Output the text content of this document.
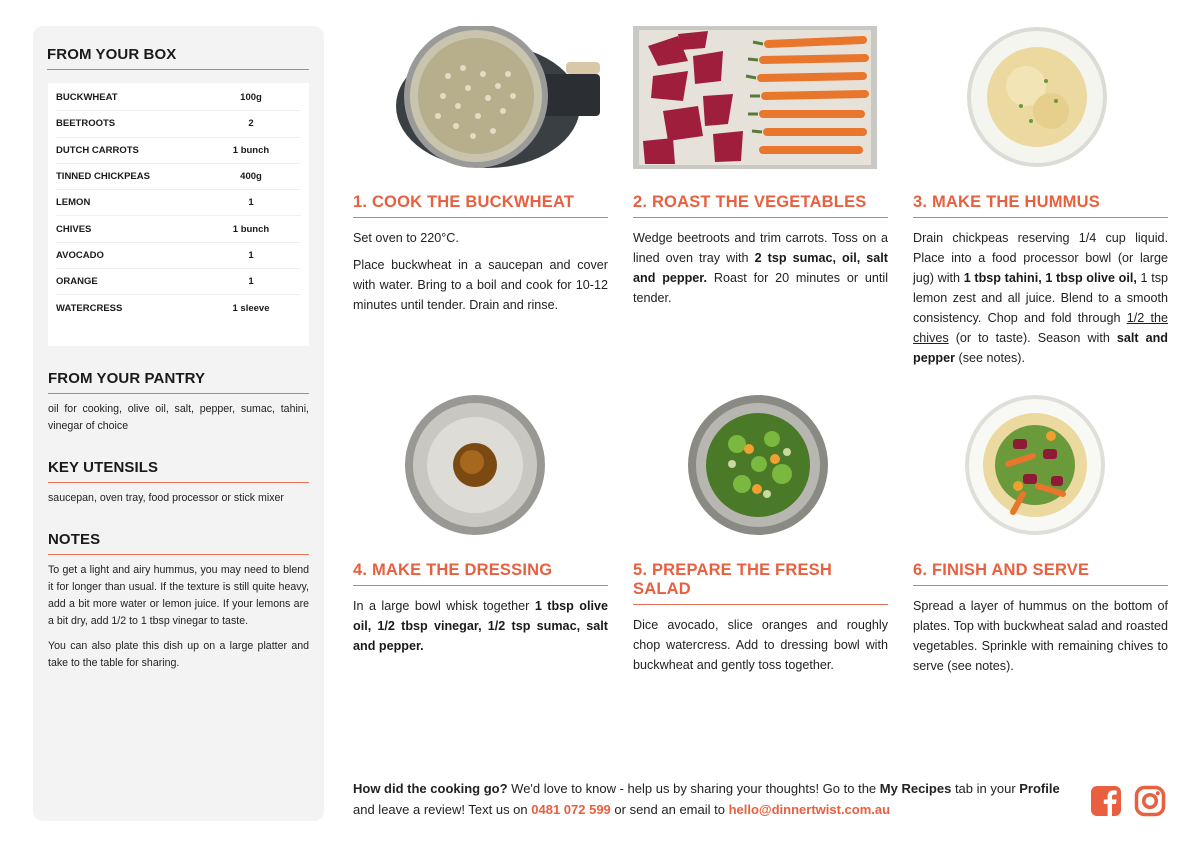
FROM YOUR BOX
BUCKWHEAT	100g
BEETROOTS	2
DUTCH CARROTS	1 bunch
TINNED CHICKPEAS	400g
LEMON	1
CHIVES	1 bunch
AVOCADO	1
ORANGE	1
WATERCRESS	1 sleeve
FROM YOUR PANTRY
oil for cooking, olive oil, salt, pepper, sumac, tahini, vinegar of choice
KEY UTENSILS
saucepan, oven tray, food processor or stick mixer
NOTES

To get a light and airy hummus, you may need to blend it for longer than usual. If the texture is still quite heavy, add a bit more water or lemon juice. If your lemons are a bit dry, add 1/2 to 1 tbsp vinegar to taste.

You can also plate this dish up on a large platter and take to the table for sharing.

1. COOK THE BUCKWHEAT

Set oven to 220°C.

Place buckwheat in a saucepan and cover with water. Bring to a boil and cook for 10-12 minutes until tender. Drain and rinse.

2. ROAST THE VEGETABLES

Wedge beetroots and trim carrots. Toss on a lined oven tray with 2 tsp sumac, oil, salt and pepper. Roast for 20 minutes or until tender.

3. MAKE THE HUMMUS

Drain chickpeas reserving 1/4 cup liquid. Place into a food processor bowl (or large jug) with 1 tbsp tahini, 1 tbsp olive oil, 1 tsp lemon zest and all juice. Blend to a smooth consistency. Chop and fold through 1/2 the chives (or to taste). Season with salt and pepper (see notes).

4. MAKE THE DRESSING

In a large bowl whisk together 1 tbsp olive oil, 1/2 tbsp vinegar, 1/2 tsp sumac, salt and pepper.

5. PREPARE THE FRESH SALAD

Dice avocado, slice oranges and roughly chop watercress. Add to dressing bowl with buckwheat and gently toss together.

6. FINISH AND SERVE

Spread a layer of hummus on the bottom of plates. Top with buckwheat salad and roasted vegetables. Sprinkle with remaining chives to serve (see notes).

How did the cooking go? We'd love to know - help us by sharing your thoughts! Go to the My Recipes tab in your Profile and leave a review! Text us on 0481 072 599 or send an email to hello@dinnertwist.com.au
